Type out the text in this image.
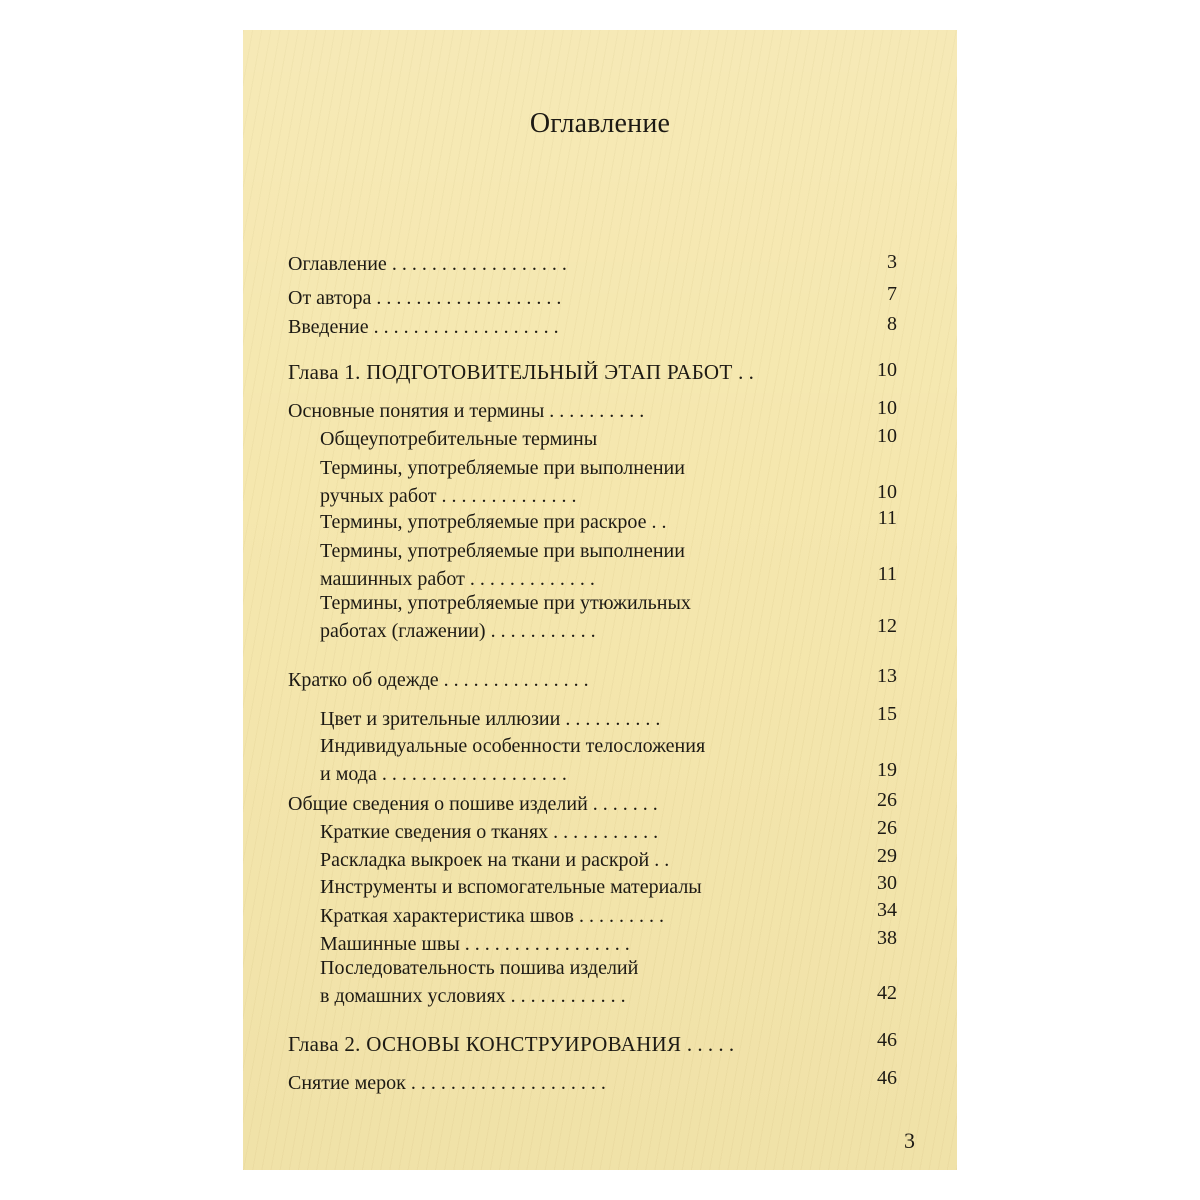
Оглавление
Оглавление . . . . . . . . . . . . . . . . . .	3
От автора . . . . . . . . . . . . . . . . . . .	7
Введение . . . . . . . . . . . . . . . . . . .	8
Глава 1. ПОДГОТОВИТЕЛЬНЫЙ ЭТАП РАБОТ . .	10
Основные понятия и термины . . . . . . . . . .	10
Общеупотребительные термины	10
Термины, употребляемые при выполнении
ручных работ . . . . . . . . . . . . . .	10
Термины, употребляемые при раскрое . .	11
Термины, употребляемые при выполнении
машинных работ . . . . . . . . . . . . .	11
Термины, употребляемые при утюжильных
работах (глажении) . . . . . . . . . . .	12
Кратко об одежде . . . . . . . . . . . . . . .	13
Цвет и зрительные иллюзии . . . . . . . . . .	15
Индивидуальные особенности телосложения
и мода . . . . . . . . . . . . . . . . . . .	19
Общие сведения о пошиве изделий . . . . . . .	26
Краткие сведения о тканях . . . . . . . . . . .	26
Раскладка выкроек на ткани и раскрой . .	29
Инструменты и вспомогательные материалы	30
Краткая характеристика швов . . . . . . . . .	34
Машинные швы . . . . . . . . . . . . . . . . .	38
Последовательность пошива изделий
в домашних условиях . . . . . . . . . . . .	42
Глава 2. ОСНОВЫ КОНСТРУИРОВАНИЯ . . . . .	46
Снятие мерок . . . . . . . . . . . . . . . . . . . .	46
3
